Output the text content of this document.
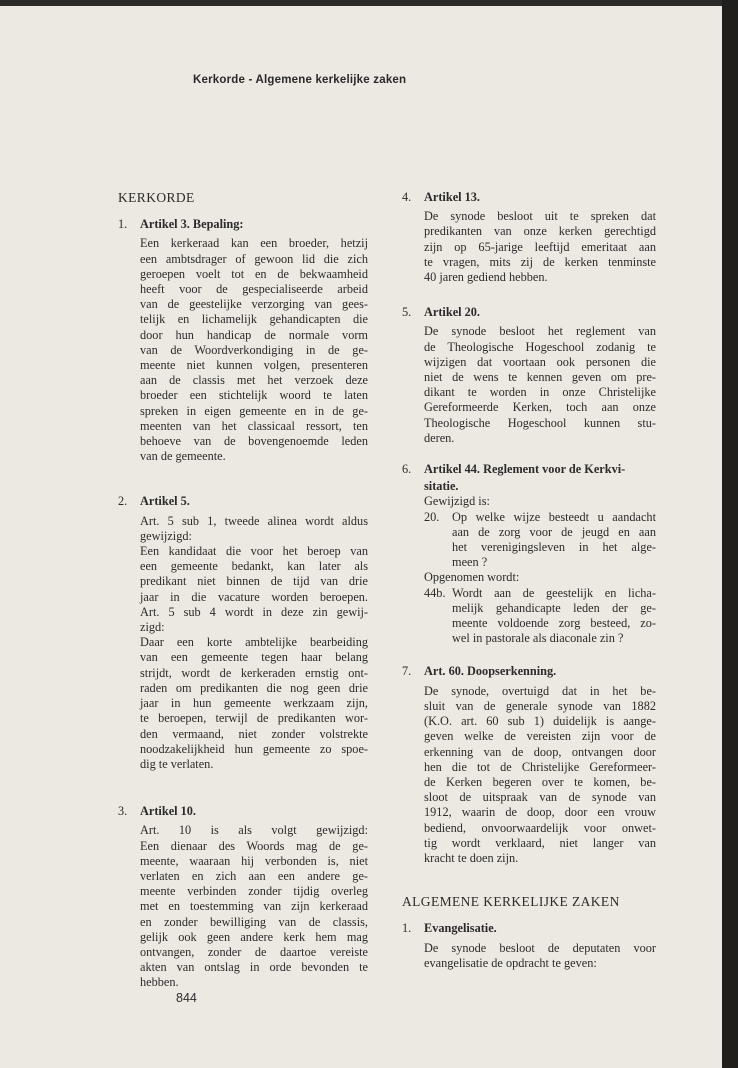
Kerkorde - Algemene kerkelijke zaken
KERKORDE
1.	Artikel 3. Bepaling:
Een kerkeraad kan een broeder, hetzij
een ambtsdrager of gewoon lid die zich
geroepen voelt tot en de bekwaamheid
heeft voor de gespecialiseerde arbeid
van de geestelijke verzorging van gees-
telijk en lichamelijk gehandicapten die
door hun handicap de normale vorm
van de Woordverkondiging in de ge-
meente niet kunnen volgen, presenteren
aan de classis met het verzoek deze
broeder een stichtelijk woord te laten
spreken in eigen gemeente en in de ge-
meenten van het classicaal ressort, ten
behoeve van de bovengenoemde leden
van de gemeente.
2.	Artikel 5.
Art. 5 sub 1, tweede alinea wordt aldus
gewijzigd:
Een kandidaat die voor het beroep van
een gemeente bedankt, kan later als
predikant niet binnen de tijd van drie
jaar in die vacature worden beroepen.
Art. 5 sub 4 wordt in deze zin gewij-
zigd:
Daar een korte ambtelijke bearbeiding
van een gemeente tegen haar belang
strijdt, wordt de kerkeraden ernstig ont-
raden om predikanten die nog geen drie
jaar in hun gemeente werkzaam zijn,
te beroepen, terwijl de predikanten wor-
den vermaand, niet zonder volstrekte
noodzakelijkheid hun gemeente zo spoe-
dig te verlaten.
3.	Artikel 10.
Art. 10 is als volgt gewijzigd:
Een dienaar des Woords mag de ge-
meente, waaraan hij verbonden is, niet
verlaten en zich aan een andere ge-
meente verbinden zonder tijdig overleg
met en toestemming van zijn kerkeraad
en zonder bewilliging van de classis,
gelijk ook geen andere kerk hem mag
ontvangen, zonder de daartoe vereiste
akten van ontslag in orde bevonden te
hebben.
4.	Artikel 13.
De synode besloot uit te spreken dat
predikanten van onze kerken gerechtigd
zijn op 65-jarige leeftijd emeritaat aan
te vragen, mits zij de kerken tenminste
40 jaren gediend hebben.
5.	Artikel 20.
De synode besloot het reglement van
de Theologische Hogeschool zodanig te
wijzigen dat voortaan ook personen die
niet de wens te kennen geven om pre-
dikant te worden in onze Christelijke
Gereformeerde Kerken, toch aan onze
Theologische Hogeschool kunnen stu-
deren.
6.	Artikel 44. Reglement voor de Kerkvi-
sitatie.
Gewijzigd is:
20.	Op welke wijze besteedt u aandacht
aan de zorg voor de jeugd en aan
het verenigingsleven in het alge-
meen ?
Opgenomen wordt:
44b. Wordt aan de geestelijk en licha-
melijk gehandicapte leden der ge-
meente voldoende zorg besteed, zo-
wel in pastorale als diaconale zin ?
7.	Art. 60. Doopserkenning.
De synode, overtuigd dat in het be-
sluit van de generale synode van 1882
(K.O. art. 60 sub 1) duidelijk is aange-
geven welke de vereisten zijn voor de
erkenning van de doop, ontvangen door
hen die tot de Christelijke Gereformeer-
de Kerken begeren over te komen, be-
sloot de uitspraak van de synode van
1912, waarin de doop, door een vrouw
bediend, onvoorwaardelijk voor onwet-
tig wordt verklaard, niet langer van
kracht te doen zijn.
ALGEMENE KERKELIJKE ZAKEN
1.	Evangelisatie.
De synode besloot de deputaten voor
evangelisatie de opdracht te geven:
844
